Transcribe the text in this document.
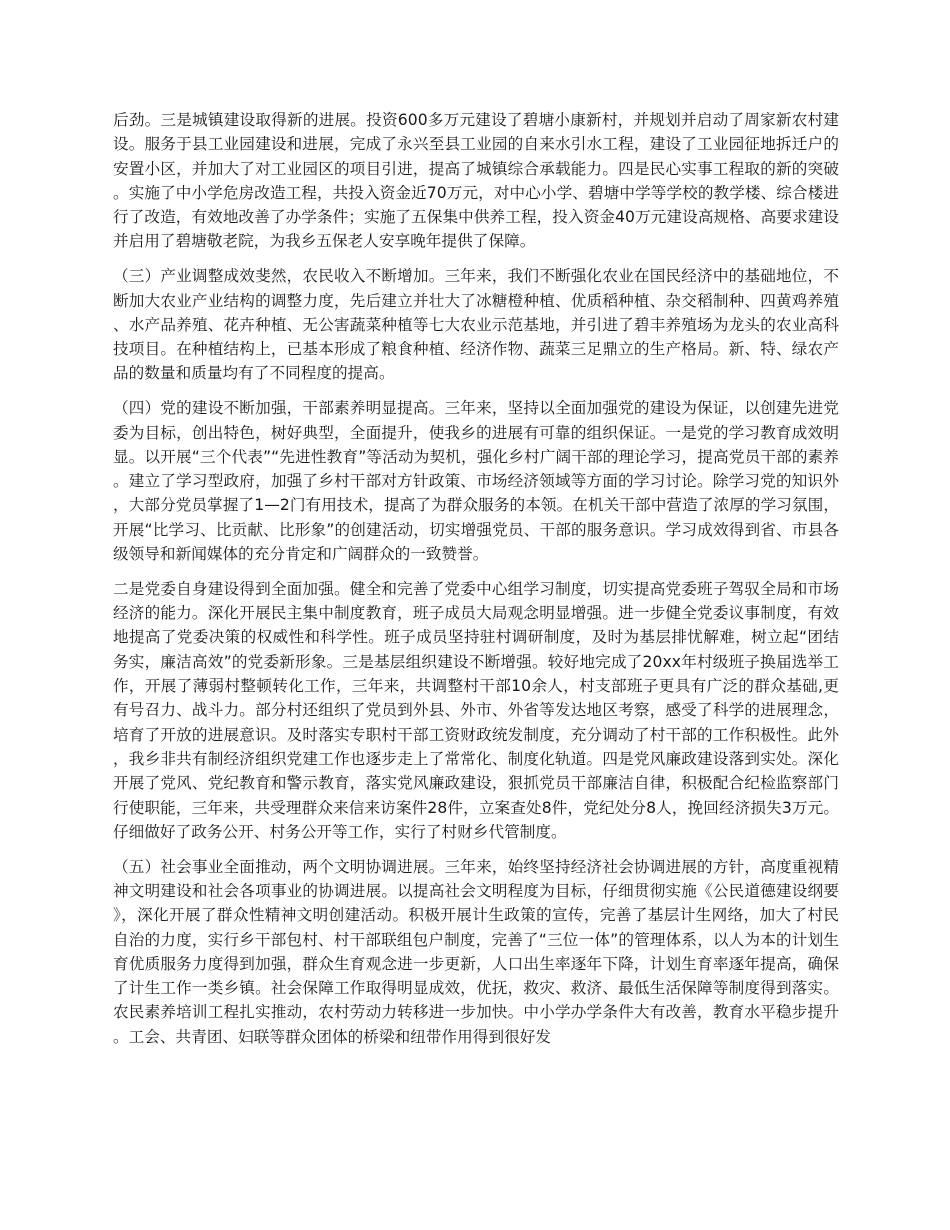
后劲。三是城镇建设取得新的进展。投资600多万元建设了碧塘小康新村，并规划并启动了周家新农村建设。服务于县工业园建设和进展，完成了永兴至县工业园的自来水引水工程，建设了工业园征地拆迁户的安置小区，并加大了对工业园区的项目引进，提高了城镇综合承载能力。四是民心实事工程取的新的突破。实施了中小学危房改造工程，共投入资金近70万元，对中心小学、碧塘中学等学校的教学楼、综合楼进行了改造，有效地改善了办学条件；实施了五保集中供养工程，投入资金40万元建设高规格、高要求建设并启用了碧塘敬老院，为我乡五保老人安享晚年提供了保障。

（三）产业调整成效斐然，农民收入不断增加。三年来，我们不断强化农业在国民经济中的基础地位，不断加大农业产业结构的调整力度，先后建立并壮大了冰糖橙种植、优质稻种植、杂交稻制种、四黄鸡养殖、水产品养殖、花卉种植、无公害蔬菜种植等七大农业示范基地，并引进了碧丰养殖场为龙头的农业高科技项目。在种植结构上，已基本形成了粮食种植、经济作物、蔬菜三足鼎立的生产格局。新、特、绿农产品的数量和质量均有了不同程度的提高。

（四）党的建设不断加强，干部素养明显提高。三年来，坚持以全面加强党的建设为保证，以创建先进党委为目标，创出特色，树好典型，全面提升，使我乡的进展有可靠的组织保证。一是党的学习教育成效明显。以开展“三个代表”“先进性教育”等活动为契机，强化乡村广阔干部的理论学习，提高党员干部的素养。建立了学习型政府，加强了乡村干部对方针政策、市场经济领域等方面的学习讨论。除学习党的知识外，大部分党员掌握了1—2门有用技术，提高了为群众服务的本领。在机关干部中营造了浓厚的学习氛围，开展“比学习、比贡献、比形象”的创建活动，切实增强党员、干部的服务意识。学习成效得到省、市县各级领导和新闻媒体的充分肯定和广阔群众的一致赞誉。

二是党委自身建设得到全面加强。健全和完善了党委中心组学习制度，切实提高党委班子驾驭全局和市场经济的能力。深化开展民主集中制度教育，班子成员大局观念明显增强。进一步健全党委议事制度，有效地提高了党委决策的权威性和科学性。班子成员坚持驻村调研制度，及时为基层排忧解难，树立起“团结务实，廉洁高效”的党委新形象。三是基层组织建设不断增强。较好地完成了20xx年村级班子换届选举工作，开展了薄弱村整顿转化工作，三年来，共调整村干部10余人，村支部班子更具有广泛的群众基础,更有号召力、战斗力。部分村还组织了党员到外县、外市、外省等发达地区考察，感受了科学的进展理念，培育了开放的进展意识。及时落实专职村干部工资财政统发制度，充分调动了村干部的工作积极性。此外，我乡非共有制经济组织党建工作也逐步走上了常常化、制度化轨道。四是党风廉政建设落到实处。深化开展了党风、党纪教育和警示教育，落实党风廉政建设，狠抓党员干部廉洁自律，积极配合纪检监察部门行使职能，三年来，共受理群众来信来访案件28件，立案查处8件，党纪处分8人，挽回经济损失3万元。仔细做好了政务公开、村务公开等工作，实行了村财乡代管制度。

（五）社会事业全面推动，两个文明协调进展。三年来，始终坚持经济社会协调进展的方针，高度重视精神文明建设和社会各项事业的协调进展。以提高社会文明程度为目标，仔细贯彻实施《公民道德建设纲要》，深化开展了群众性精神文明创建活动。积极开展计生政策的宣传，完善了基层计生网络，加大了村民自治的力度，实行乡干部包村、村干部联组包户制度，完善了“三位一体”的管理体系，以人为本的计划生育优质服务力度得到加强，群众生育观念进一步更新，人口出生率逐年下降，计划生育率逐年提高，确保了计生工作一类乡镇。社会保障工作取得明显成效，优抚，救灾、救济、最低生活保障等制度得到落实。农民素养培训工程扎实推动，农村劳动力转移进一步加快。中小学办学条件大有改善，教育水平稳步提升。工会、共青团、妇联等群众团体的桥梁和纽带作用得到很好发
